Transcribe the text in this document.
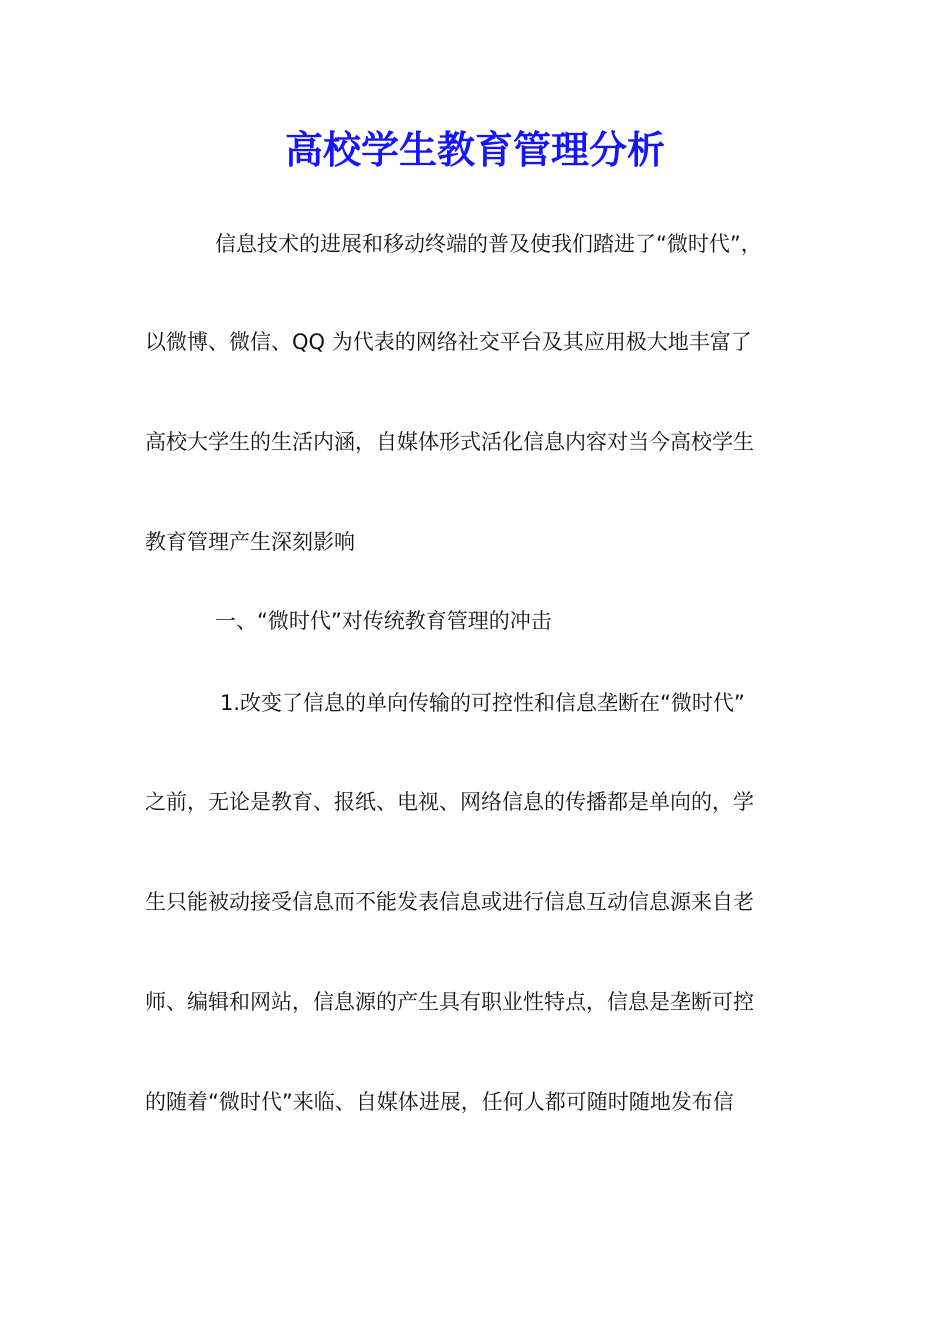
高校学生教育管理分析
信息技术的进展和移动终端的普及使我们踏进了“微时代”，
以微博、微信、QQ 为代表的网络社交平台及其应用极大地丰富了
高校大学生的生活内涵，自媒体形式活化信息内容对当今高校学生
教育管理产生深刻影响
一、“微时代”对传统教育管理的冲击
1.改变了信息的单向传输的可控性和信息垄断在“微时代”
之前，无论是教育、报纸、电视、网络信息的传播都是单向的，学
生只能被动接受信息而不能发表信息或进行信息互动信息源来自老
师、编辑和网站，信息源的产生具有职业性特点，信息是垄断可控
的随着“微时代”来临、自媒体进展，任何人都可随时随地发布信
